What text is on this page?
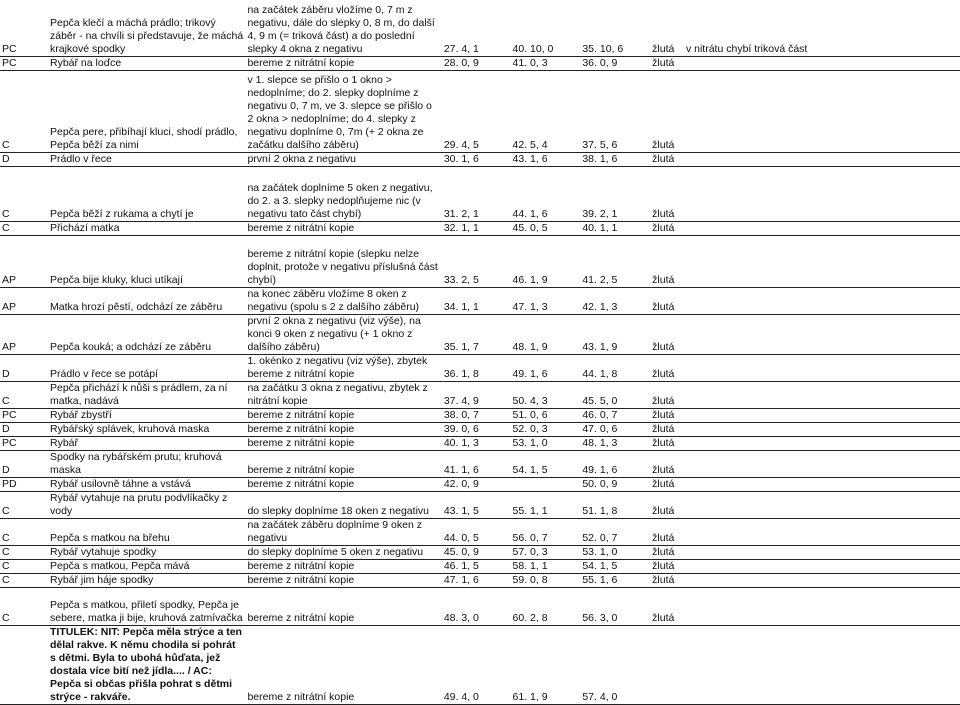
PC	Pepča klečí a máchá prádlo; trikový záběr - na chvíli si představuje, že máchá krajkové spodky	na začátek záběru vložíme 0, 7 m z negativu, dále do slepky 0, 8 m, do další 4, 9 m (= triková část) a do poslední slepky 4 okna z negativu	27. 4, 1	40. 10, 0	35. 10, 6	žlutá	v nitrátu chybí triková část
PC	Rybář na loďce	bereme z nitrátní kopie	28. 0, 9	41. 0, 3	36. 0, 9	žlutá	
C	Pepča pere, přibíhají kluci, shodí prádlo, Pepča běží za nimi	v 1. slepce se přišlo o 1 okno > nedoplníme; do 2. slepky doplníme z negativu 0, 7 m, ve 3. slepce se přišlo o 2 okna > nedoplníme; do 4. slepky z negativu doplníme 0, 7m (+ 2 okna ze začátku dalšího záběru)	29. 4, 5	42. 5, 4	37. 5, 6	žlutá	
D	Prádlo v řece	první 2 okna z negativu	30. 1, 6	43. 1, 6	38. 1, 6	žlutá	
C	Pepča běží z rukama a chytí je	na začátek doplníme 5 oken z negativu, do 2. a 3. slepky nedoplňujeme nic (v negativu tato část chybí)	31. 2, 1	44. 1, 6	39. 2, 1	žlutá	
C	Přichází matka	bereme z nitrátní kopie	32. 1, 1	45. 0, 5	40. 1, 1	žlutá	
AP	Pepča bije kluky, kluci utíkají	bereme z nitrátní kopie (slepku nelze doplnit, protože v negativu příslušná část chybí)	33. 2, 5	46. 1, 9	41. 2, 5	žlutá	
AP	Matka hrozí pěstí, odchází ze záběru	na konec záběru vložíme 8 oken z negativu (spolu s 2 z dalšího záběru)	34. 1, 1	47. 1, 3	42. 1, 3	žlutá	
AP	Pepča kouká; a odchází ze záběru	první 2 okna z negativu (viz výše), na konci 9 oken z negativu (+ 1 okno z dalšího záběru)	35. 1, 7	48. 1, 9	43. 1, 9	žlutá	
D	Prádlo v řece se potápí	1. okénko z negativu (viz výše), zbytek bereme z nitrátní kopie	36. 1, 8	49. 1, 6	44. 1, 8	žlutá	
C	Pepča přichází k nůši s prádlem, za ní matka, nadává	na začátku 3 okna z negativu, zbytek z nitrátní kopie	37. 4, 9	50. 4, 3	45. 5, 0	žlutá	
PC	Rybář zbystří	bereme z nitrátní kopie	38. 0, 7	51. 0, 6	46. 0, 7	žlutá	
D	Rybářský splávek, kruhová maska	bereme z nitrátní kopie	39. 0, 6	52. 0, 3	47. 0, 6	žlutá	
PC	Rybář	bereme z nitrátní kopie	40. 1, 3	53. 1, 0	48. 1, 3	žlutá	
D	Spodky na rybářském prutu; kruhová maska	bereme z nitrátní kopie	41. 1, 6	54. 1, 5	49. 1, 6	žlutá	
PD	Rybář usilovně táhne a vstává	bereme z nitrátní kopie	42. 0, 9		50. 0, 9	žlutá	
C	Rybář vytahuje na prutu podvlíkačky z vody	do slepky doplníme 18 oken z negativu	43. 1, 5	55. 1, 1	51. 1, 8	žlutá	
C	Pepča s matkou na břehu	na začátek záběru doplníme 9 oken z negativu	44. 0, 5	56. 0, 7	52. 0, 7	žlutá	
C	Rybář vytahuje spodky	do slepky doplníme 5 oken z negativu	45. 0, 9	57. 0, 3	53. 1, 0	žlutá	
C	Pepča s matkou, Pepča mává	bereme z nitrátní kopie	46. 1, 5	58. 1, 1	54. 1, 5	žlutá	
C	Rybář jim háje spodky	bereme z nitrátní kopie	47. 1, 6	59. 0, 8	55. 1, 6	žlutá	
C	Pepča s matkou, přiletí spodky, Pepča je sebere, matka ji bije, kruhová zatmívačka	bereme z nitrátní kopie	48. 3, 0	60. 2, 8	56. 3, 0	žlutá	
	TITULEK: NIT: Pepča měla strýce a ten dělal rakve. K němu chodila si pohrát s dětmi. Byla to ubohá hůďata, jež dostala více bití než jídla.... / AC: Pepča si občas přišla pohrat s dětmi strýce - rakváře.	bereme z nitrátní kopie	49. 4, 0	61. 1, 9	57. 4, 0		
